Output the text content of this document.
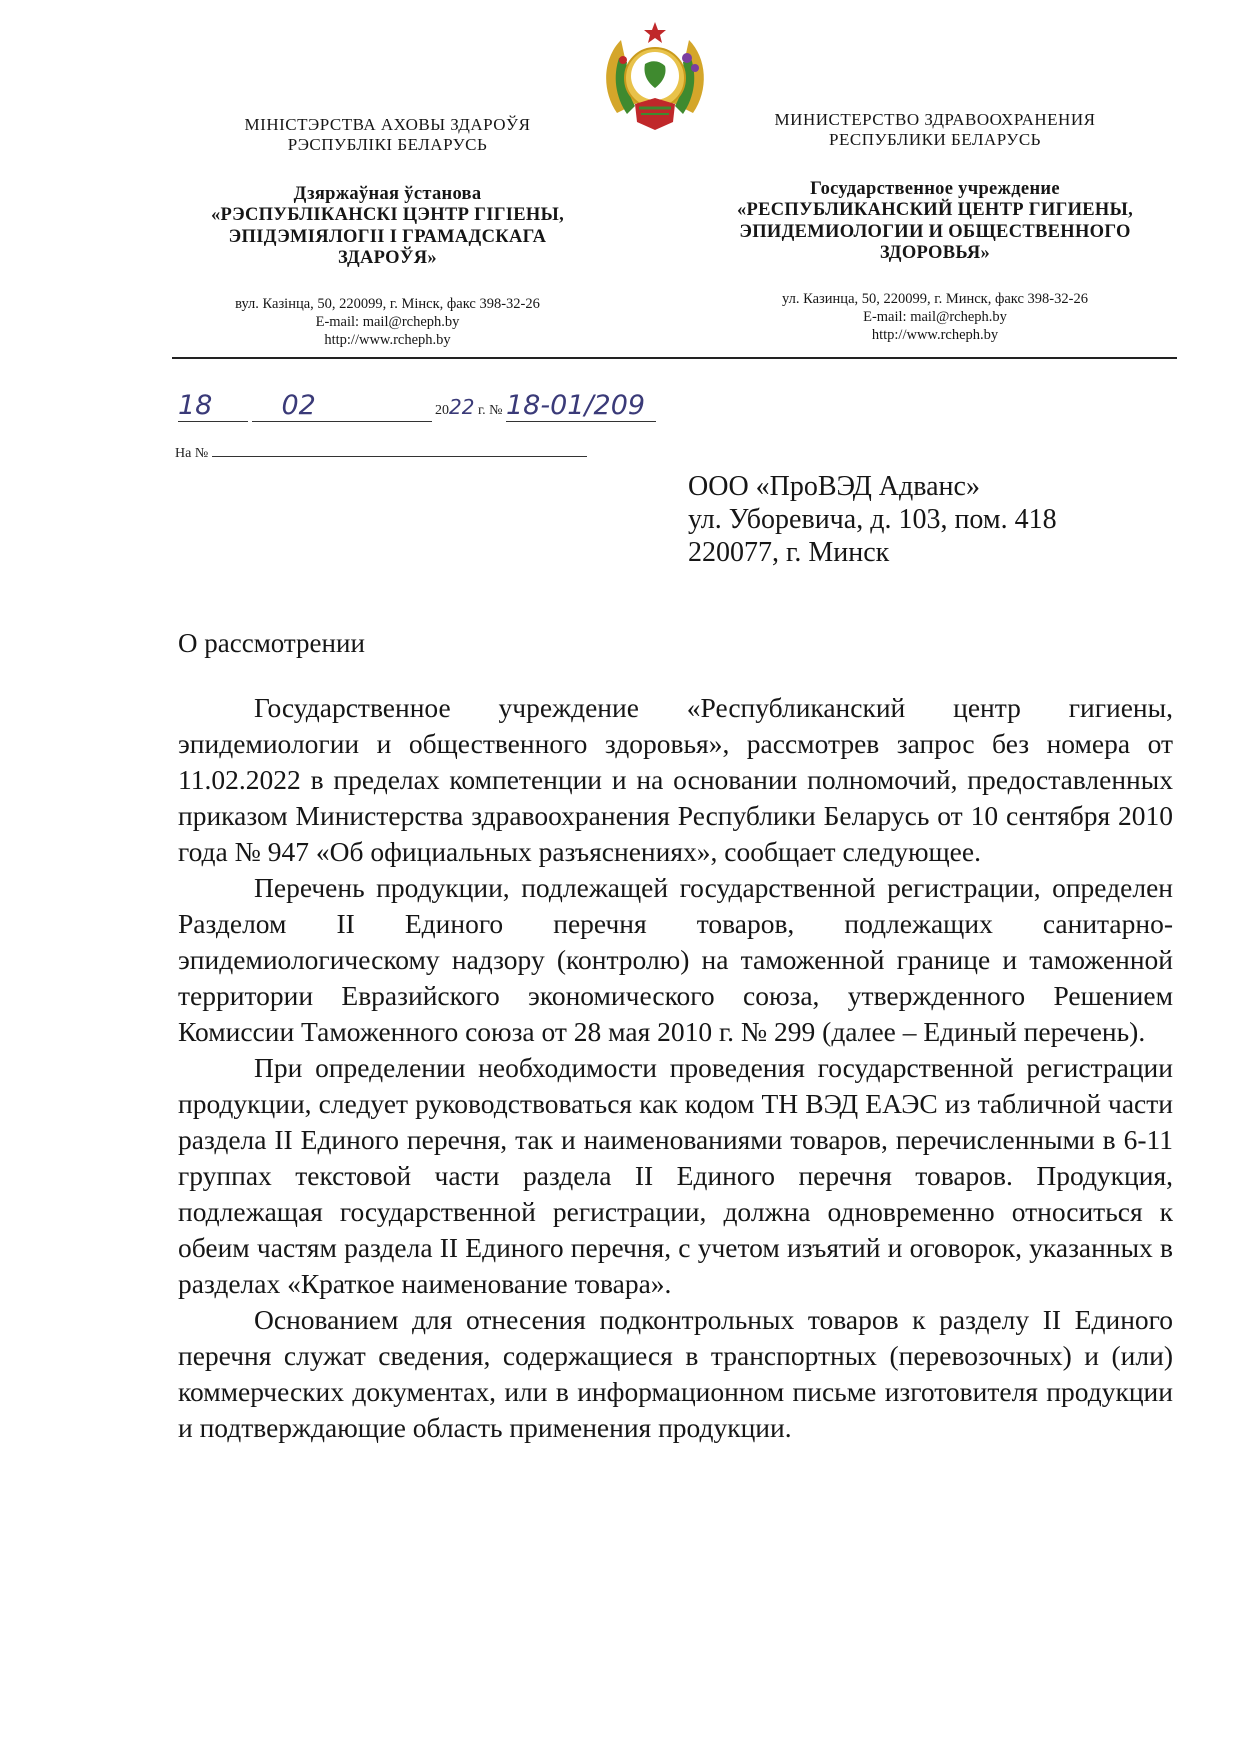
МІНІСТЭРСТВА АХОВЫ ЗДАРОЎЯ
РЭСПУБЛІКІ БЕЛАРУСЬ
Дзяржаўная ўстанова
«РЭСПУБЛІКАНСКІ ЦЭНТР ГІГІЕНЫ,
ЭПІДЭМІЯЛОГІІ І ГРАМАДСКАГА
ЗДАРОЎЯ»
вул. Казінца, 50, 220099, г. Мінск, факс 398-32-26
E-mail: mail@rcheph.by
http://www.rcheph.by
МИНИСТЕРСТВО ЗДРАВООХРАНЕНИЯ
РЕСПУБЛИКИ БЕЛАРУСЬ
Государственное учреждение
«РЕСПУБЛИКАНСКИЙ ЦЕНТР ГИГИЕНЫ,
ЭПИДЕМИОЛОГИИ И ОБЩЕСТВЕННОГО
ЗДОРОВЬЯ»
ул. Казинца, 50, 220099, г. Минск, факс 398-32-26
E-mail: mail@rcheph.by
http://www.rcheph.by
18	02	2022 г. № 18-01/209
На №
ООО «ПроВЭД Адванс»
ул. Уборевича, д. 103, пом. 418
220077, г. Минск
О рассмотрении

Государственное учреждение «Республиканский центр гигиены, эпидемиологии и общественного здоровья», рассмотрев запрос без номера от 11.02.2022 в пределах компетенции и на основании полномочий, предоставленных приказом Министерства здравоохранения Республики Беларусь от 10 сентября 2010 года № 947 «Об официальных разъяснениях», сообщает следующее.

Перечень продукции, подлежащей государственной регистрации, определен Разделом II Единого перечня товаров, подлежащих санитарно-эпидемиологическому надзору (контролю) на таможенной границе и таможенной территории Евразийского экономического союза, утвержденного Решением Комиссии Таможенного союза от 28 мая 2010 г. № 299 (далее – Единый перечень).

При определении необходимости проведения государственной регистрации продукции, следует руководствоваться как кодом ТН ВЭД ЕАЭС из табличной части раздела II Единого перечня, так и наименованиями товаров, перечисленными в 6-11 группах текстовой части раздела II Единого перечня товаров. Продукция, подлежащая государственной регистрации, должна одновременно относиться к обеим частям раздела II Единого перечня, с учетом изъятий и оговорок, указанных в разделах «Краткое наименование товара».

Основанием для отнесения подконтрольных товаров к разделу II Единого перечня служат сведения, содержащиеся в транспортных (перевозочных) и (или) коммерческих документах, или в информационном письме изготовителя продукции и подтверждающие область применения продукции.
